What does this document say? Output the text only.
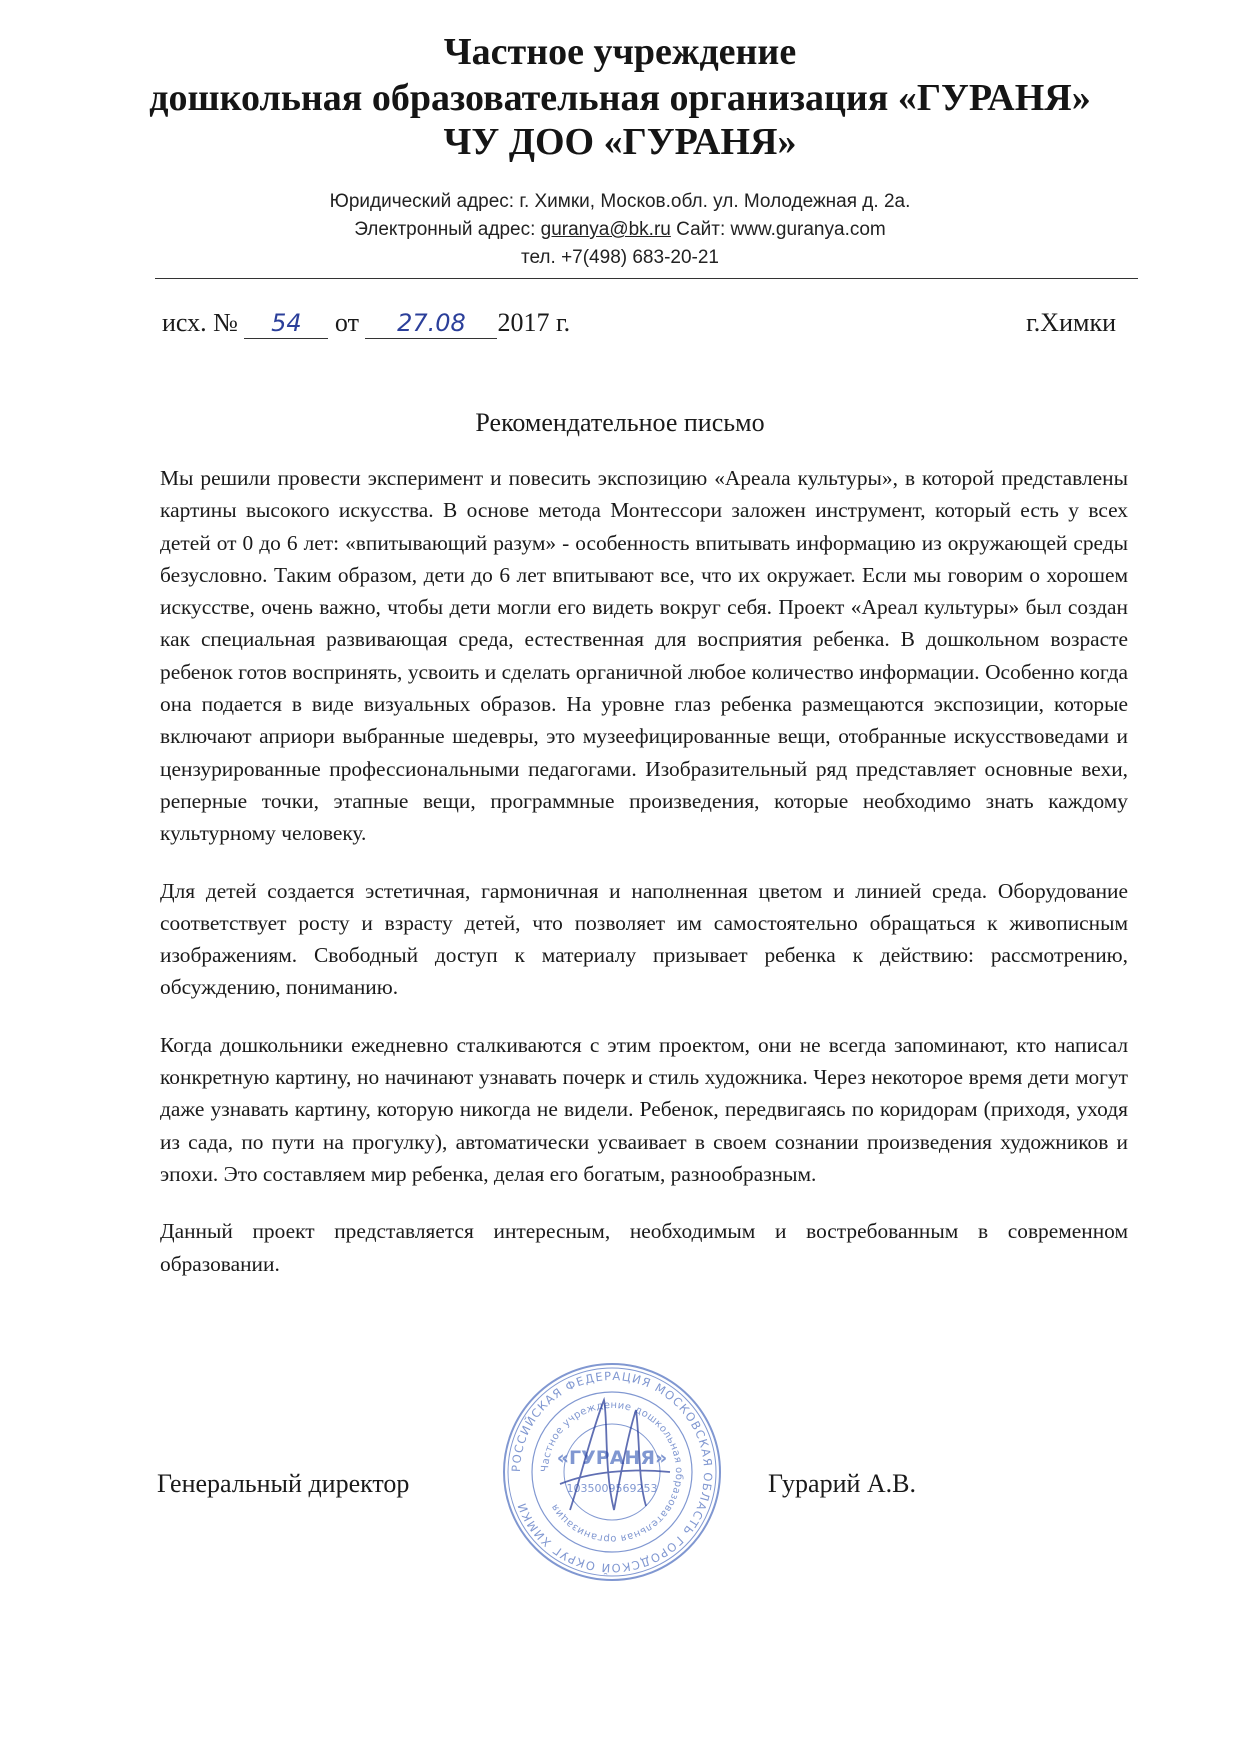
Частное учреждение
дошкольная образовательная организация «ГУРАНЯ»
ЧУ ДОО «ГУРАНЯ»
Юридический адрес: г. Химки, Москов.обл. ул. Молодежная д. 2а.
Электронный адрес: guranya@bk.ru Сайт: www.guranya.com
тел. +7(498) 683-20-21
исх. № 54 от 27.08 2017 г.	г.Химки
Рекомендательное письмо

Мы решили провести эксперимент и повесить экспозицию «Ареала культуры», в которой представлены картины высокого искусства. В основе метода Монтессори заложен инструмент, который есть у всех детей от 0 до 6 лет: «впитывающий разум» - особенность впитывать информацию из окружающей среды безусловно. Таким образом, дети до 6 лет впитывают все, что их окружает. Если мы говорим о хорошем искусстве, очень важно, чтобы дети могли его видеть вокруг себя. Проект «Ареал культуры» был создан как специальная развивающая среда, естественная для восприятия ребенка. В дошкольном возрасте ребенок готов воспринять, усвоить и сделать органичной любое количество информации. Особенно когда она подается в виде визуальных образов. На уровне глаз ребенка размещаются экспозиции, которые включают априори выбранные шедевры, это музеефицированные вещи, отобранные искусствоведами и цензурированные профессиональными педагогами. Изобразительный ряд представляет основные вехи, реперные точки, этапные вещи, программные произведения, которые необходимо знать каждому культурному человеку.

Для детей создается эстетичная, гармоничная и наполненная цветом и линией среда. Оборудование соответствует росту и взрасту детей, что позволяет им самостоятельно обращаться к живописным изображениям. Свободный доступ к материалу призывает ребенка к действию: рассмотрению, обсуждению, пониманию.

Когда дошкольники ежедневно сталкиваются с этим проектом, они не всегда запоминают, кто написал конкретную картину, но начинают узнавать почерк и стиль художника. Через некоторое время дети могут даже узнавать картину, которую никогда не видели. Ребенок, передвигаясь по коридорам (приходя, уходя из сада, по пути на прогулку), автоматически усваивает в своем сознании произведения художников и эпохи. Это составляем мир ребенка, делая его богатым, разнообразным.

Данный проект представляется интересным, необходимым и востребованным в современном образовании.

Генеральный директор	Гурарий А.В.
РОССИЙСКАЯ ФЕДЕРАЦИЯ МОСКОВСКАЯ ОБЛАСТЬ ГОРОДСКОЙ ОКРУГ ХИМКИ
Частное учреждение дошкольная образовательная организация
«ГУРАНЯ»
1035009569253
